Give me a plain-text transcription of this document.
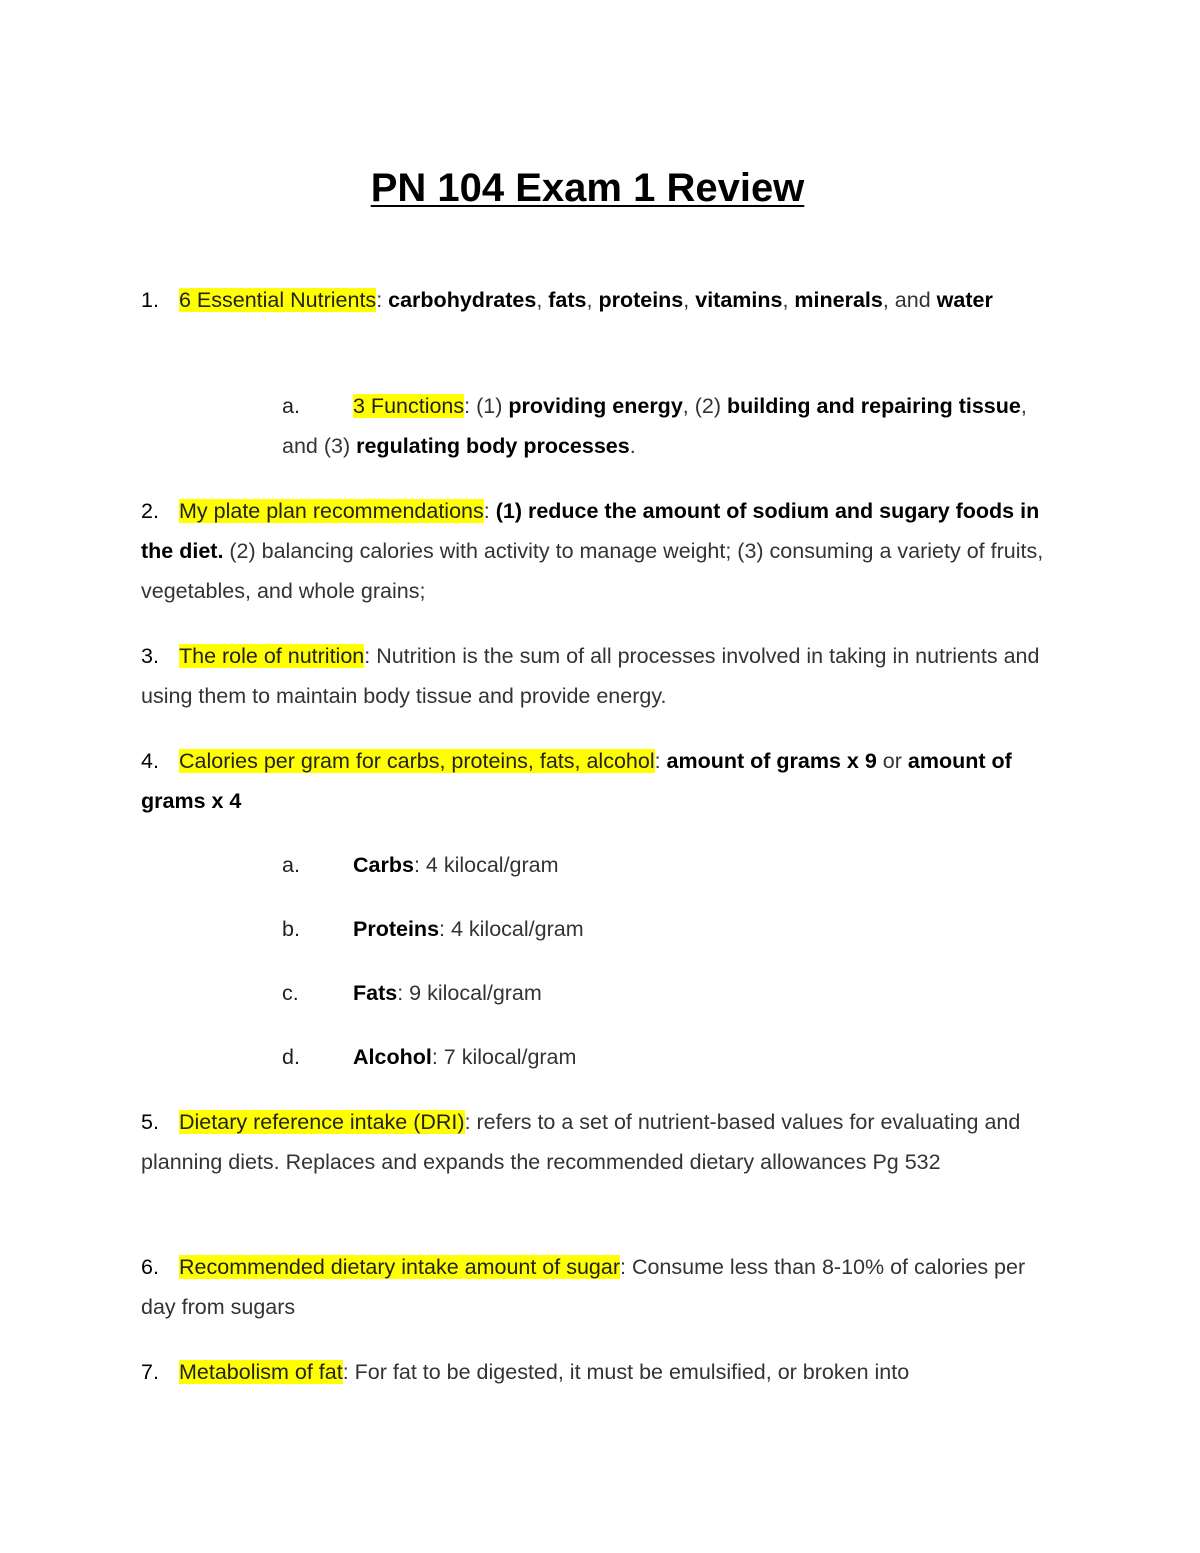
PN 104 Exam 1 Review
1. 6 Essential Nutrients: carbohydrates, fats, proteins, vitamins, minerals, and water
a. 3 Functions: (1) providing energy, (2) building and repairing tissue, and (3) regulating body processes.
2. My plate plan recommendations: (1) reduce the amount of sodium and sugary foods in the diet. (2) balancing calories with activity to manage weight; (3) consuming a variety of fruits, vegetables, and whole grains;
3. The role of nutrition: Nutrition is the sum of all processes involved in taking in nutrients and using them to maintain body tissue and provide energy.
4. Calories per gram for carbs, proteins, fats, alcohol: amount of grams x 9 or amount of grams x 4
a. Carbs: 4 kilocal/gram
b. Proteins: 4 kilocal/gram
c.	Fats: 9 kilocal/gram
d. Alcohol: 7 kilocal/gram
5. Dietary reference intake (DRI): refers to a set of nutrient-based values for evaluating and planning diets. Replaces and expands the recommended dietary allowances Pg 532
6. Recommended dietary intake amount of sugar: Consume less than 8-10% of calories per day from sugars
7. Metabolism of fat: For fat to be digested, it must be emulsified, or broken into
